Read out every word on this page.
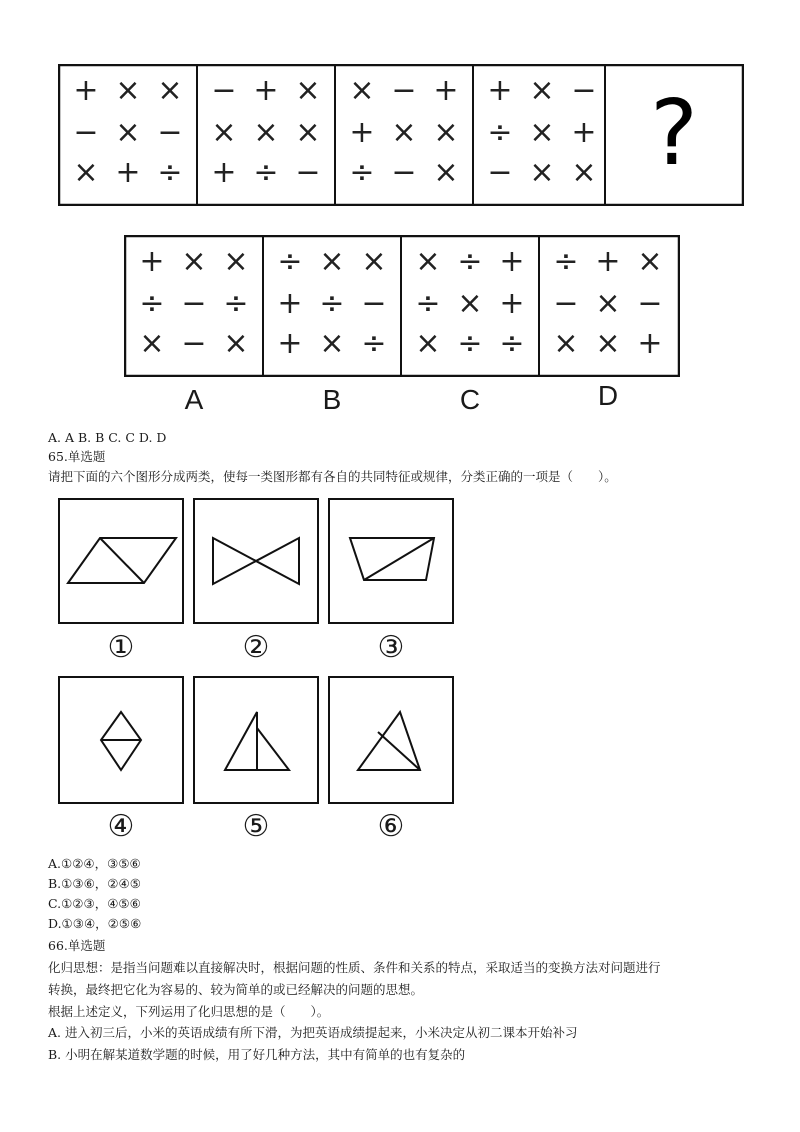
+ × ×
− × −
× + ÷
− + ×
× × ×
+ ÷ −
× − +
+ × ×
÷ − ×
+ × −
÷ × +
− × × ?
+ × ×
÷ − ÷
× − ×
÷ × ×
+ ÷ −
+ × ÷
× ÷ +
÷ × +
× ÷ ÷
÷ + ×
− × −
× × +
A	B	C	D
A. A B. B C. C D. D
65.单选题
请把下面的六个图形分成两类，使每一类图形都有各自的共同特征或规律，分类正确的一项是（　　）。
①	②	③
④	⑤	⑥
A.①②④，③⑤⑥
B.①③⑥，②④⑤
C.①②③，④⑤⑥
D.①③④，②⑤⑥
66.单选题
化归思想：是指当问题难以直接解决时，根据问题的性质、条件和关系的特点，采取适当的变换方法对问题进行
转换，最终把它化为容易的、较为简单的或已经解决的问题的思想。
根据上述定义，下列运用了化归思想的是（　　）。
A. 进入初三后，小米的英语成绩有所下滑，为把英语成绩提起来，小米决定从初二课本开始补习
B. 小明在解某道数学题的时候，用了好几种方法，其中有简单的也有复杂的
